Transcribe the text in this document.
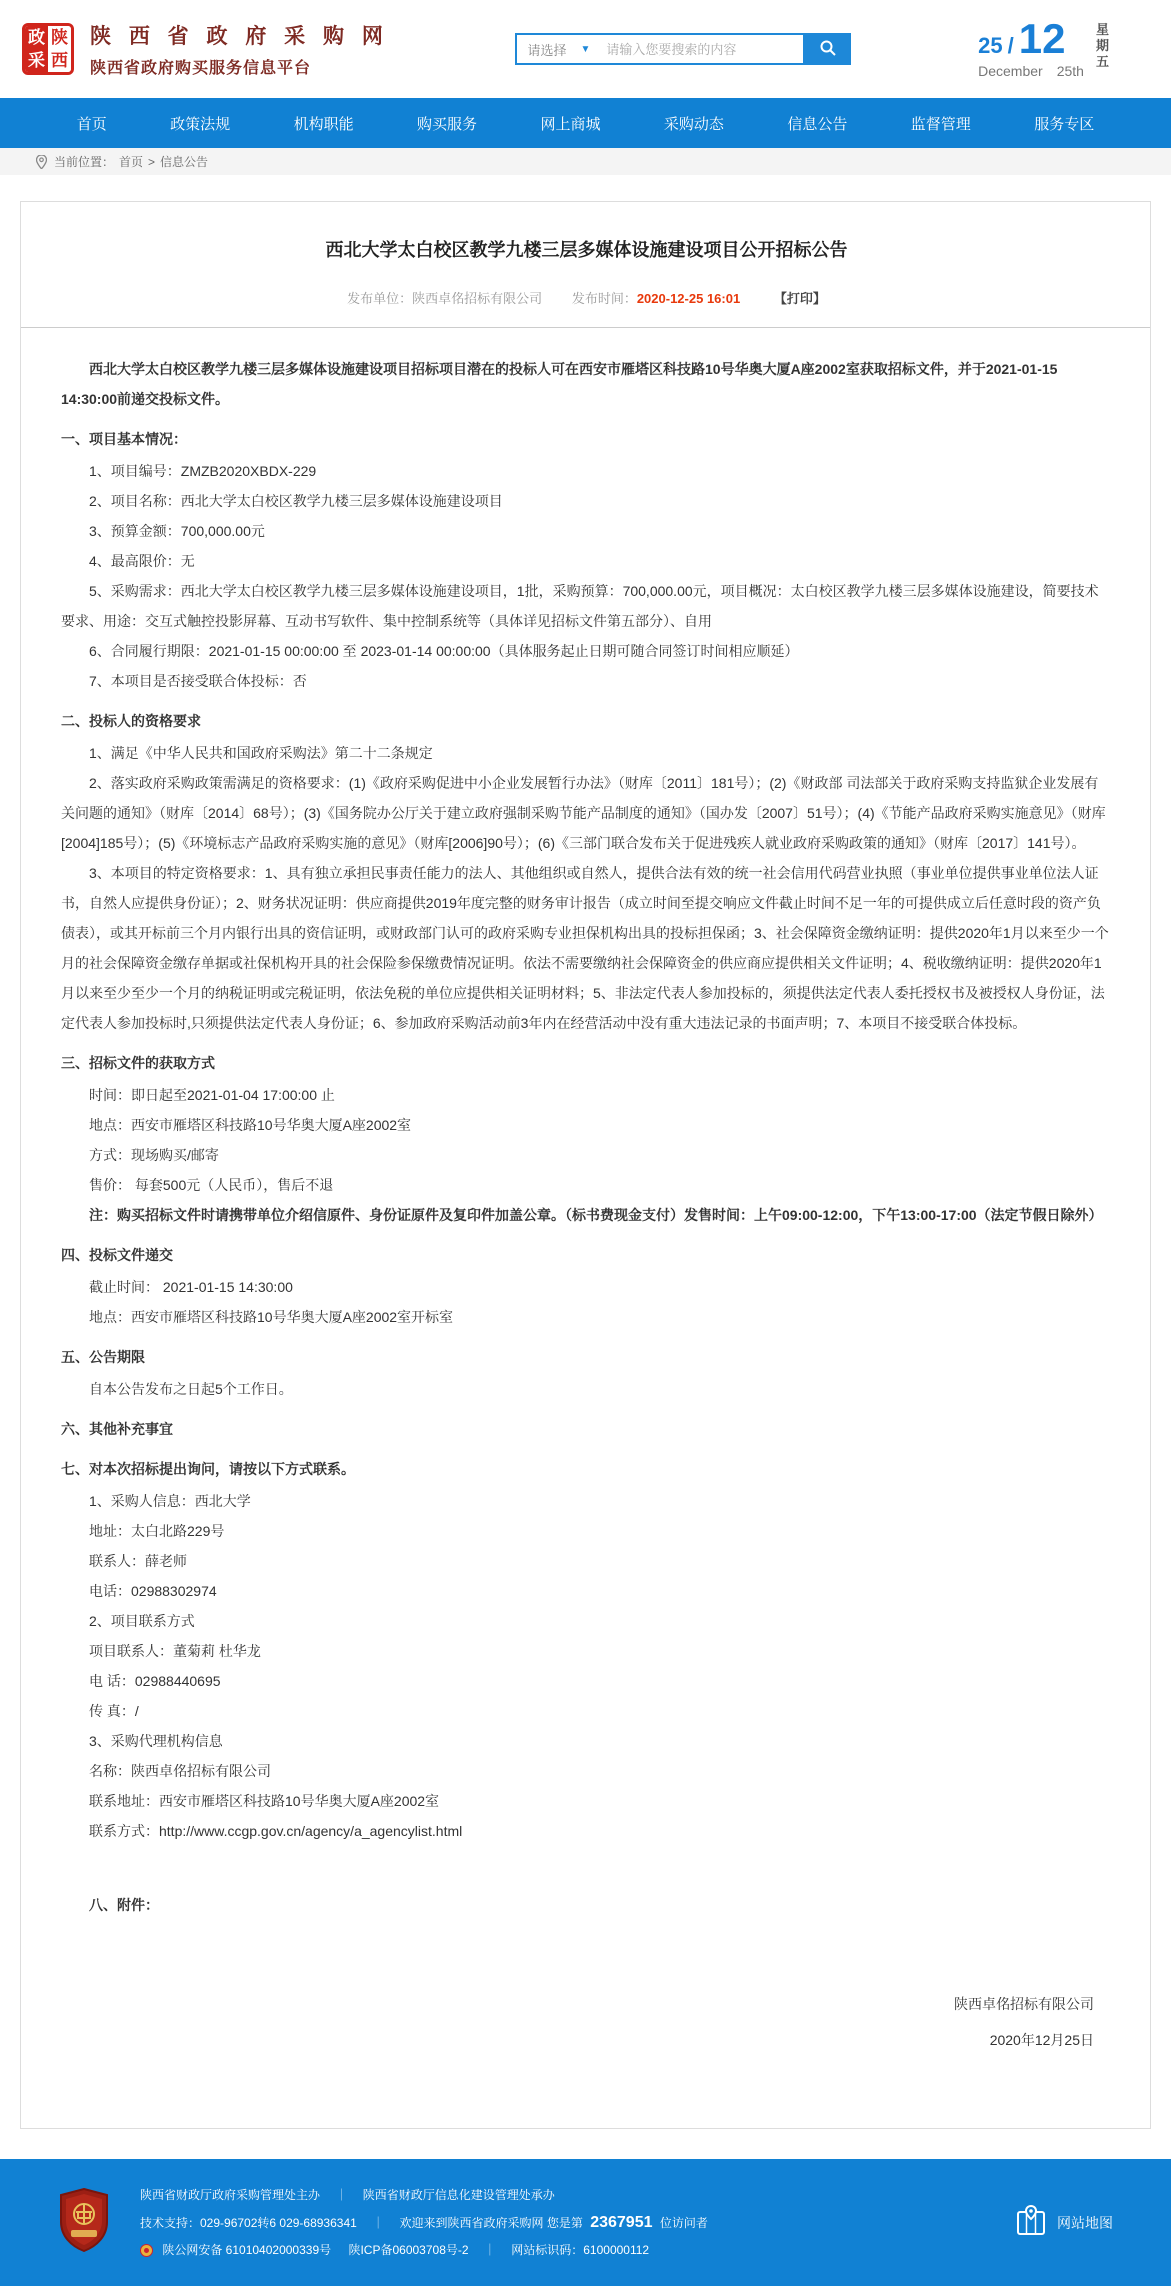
政
采
陕
西
陕 西 省 政 府 采 购 网
陕西省政府购买服务信息平台
请选择 ▼
请输入您要搜索的内容	25 / 12
December 25th
星
期
五
首页	政策法规	机构职能	购买服务	网上商城	采购动态	信息公告	监督管理	服务专区
当前位置： 首页 > 信息公告
西北大学太白校区教学九楼三层多媒体设施建设项目公开招标公告
发布单位：陕西卓佲招标有限公司 发布时间：2020-12-25 16:01	【打印】

西北大学太白校区教学九楼三层多媒体设施建设项目招标项目潜在的投标人可在西安市雁塔区科技路10号华奥大厦A座2002室获取招标文件，并于2021-01-15 14:30:00前递交投标文件。

一、项目基本情况：

1、项目编号：ZMZB2020XBDX-229

2、项目名称：西北大学太白校区教学九楼三层多媒体设施建设项目

3、预算金额：700,000.00元

4、最高限价：无

5、采购需求：西北大学太白校区教学九楼三层多媒体设施建设项目，1批，采购预算：700,000.00元，项目概况：太白校区教学九楼三层多媒体设施建设，简要技术要求、用途：交互式触控投影屏幕、互动书写软件、集中控制系统等（具体详见招标文件第五部分）、自用

6、合同履行期限：2021-01-15 00:00:00 至 2023-01-14 00:00:00（具体服务起止日期可随合同签订时间相应顺延）

7、本项目是否接受联合体投标：否

二、投标人的资格要求

1、满足《中华人民共和国政府采购法》第二十二条规定

2、落实政府采购政策需满足的资格要求：(1)《政府采购促进中小企业发展暂行办法》（财库〔2011〕181号）；(2)《财政部 司法部关于政府采购支持监狱企业发展有关问题的通知》（财库〔2014〕68号）；(3)《国务院办公厅关于建立政府强制采购节能产品制度的通知》（国办发〔2007〕51号）；(4)《节能产品政府采购实施意见》（财库[2004]185号）；(5)《环境标志产品政府采购实施的意见》（财库[2006]90号）；(6)《三部门联合发布关于促进残疾人就业政府采购政策的通知》（财库〔2017〕141号）。

3、本项目的特定资格要求：1、具有独立承担民事责任能力的法人、其他组织或自然人，提供合法有效的统一社会信用代码营业执照（事业单位提供事业单位法人证书，自然人应提供身份证）；2、财务状况证明：供应商提供2019年度完整的财务审计报告（成立时间至提交响应文件截止时间不足一年的可提供成立后任意时段的资产负债表），或其开标前三个月内银行出具的资信证明，或财政部门认可的政府采购专业担保机构出具的投标担保函；3、社会保障资金缴纳证明：提供2020年1月以来至少一个月的社会保障资金缴存单据或社保机构开具的社会保险参保缴费情况证明。依法不需要缴纳社会保障资金的供应商应提供相关文件证明；4、税收缴纳证明：提供2020年1月以来至少至少一个月的纳税证明或完税证明，依法免税的单位应提供相关证明材料；5、非法定代表人参加投标的，须提供法定代表人委托授权书及被授权人身份证，法定代表人参加投标时,只须提供法定代表人身份证；6、参加政府采购活动前3年内在经营活动中没有重大违法记录的书面声明；7、本项目不接受联合体投标。

三、招标文件的获取方式

时间：即日起至2021-01-04 17:00:00 止

地点：西安市雁塔区科技路10号华奥大厦A座2002室

方式：现场购买/邮寄

售价： 每套500元（人民币），售后不退

注：购买招标文件时请携带单位介绍信原件、身份证原件及复印件加盖公章。（标书费现金支付）发售时间：上午09:00-12:00，下午13:00-17:00（法定节假日除外）

四、投标文件递交

截止时间： 2021-01-15 14:30:00

地点：西安市雁塔区科技路10号华奥大厦A座2002室开标室

五、公告期限

自本公告发布之日起5个工作日。

六、其他补充事宜

七、对本次招标提出询问，请按以下方式联系。

1、采购人信息：西北大学

地址：太白北路229号

联系人：薛老师

电话：02988302974

2、项目联系方式

项目联系人：董菊莉 杜华龙

电 话：02988440695

传 真：/

3、采购代理机构信息

名称：陕西卓佲招标有限公司

联系地址：西安市雁塔区科技路10号华奥大厦A座2002室

联系方式：http://www.ccgp.gov.cn/agency/a_agencylist.html

八、附件：

陕西卓佲招标有限公司
2020年12月25日
陕西省财政厅政府采购管理处主办 ｜ 陕西省财政厅信息化建设管理处承办
技术支持：029-96702转6 029-68936341 ｜ 欢迎来到陕西省政府采购网 您是第 2367951 位访问者
陕公网安备 61010402000339号 陕ICP备06003708号-2 ｜ 网站标识码：6100000112
网站地图
